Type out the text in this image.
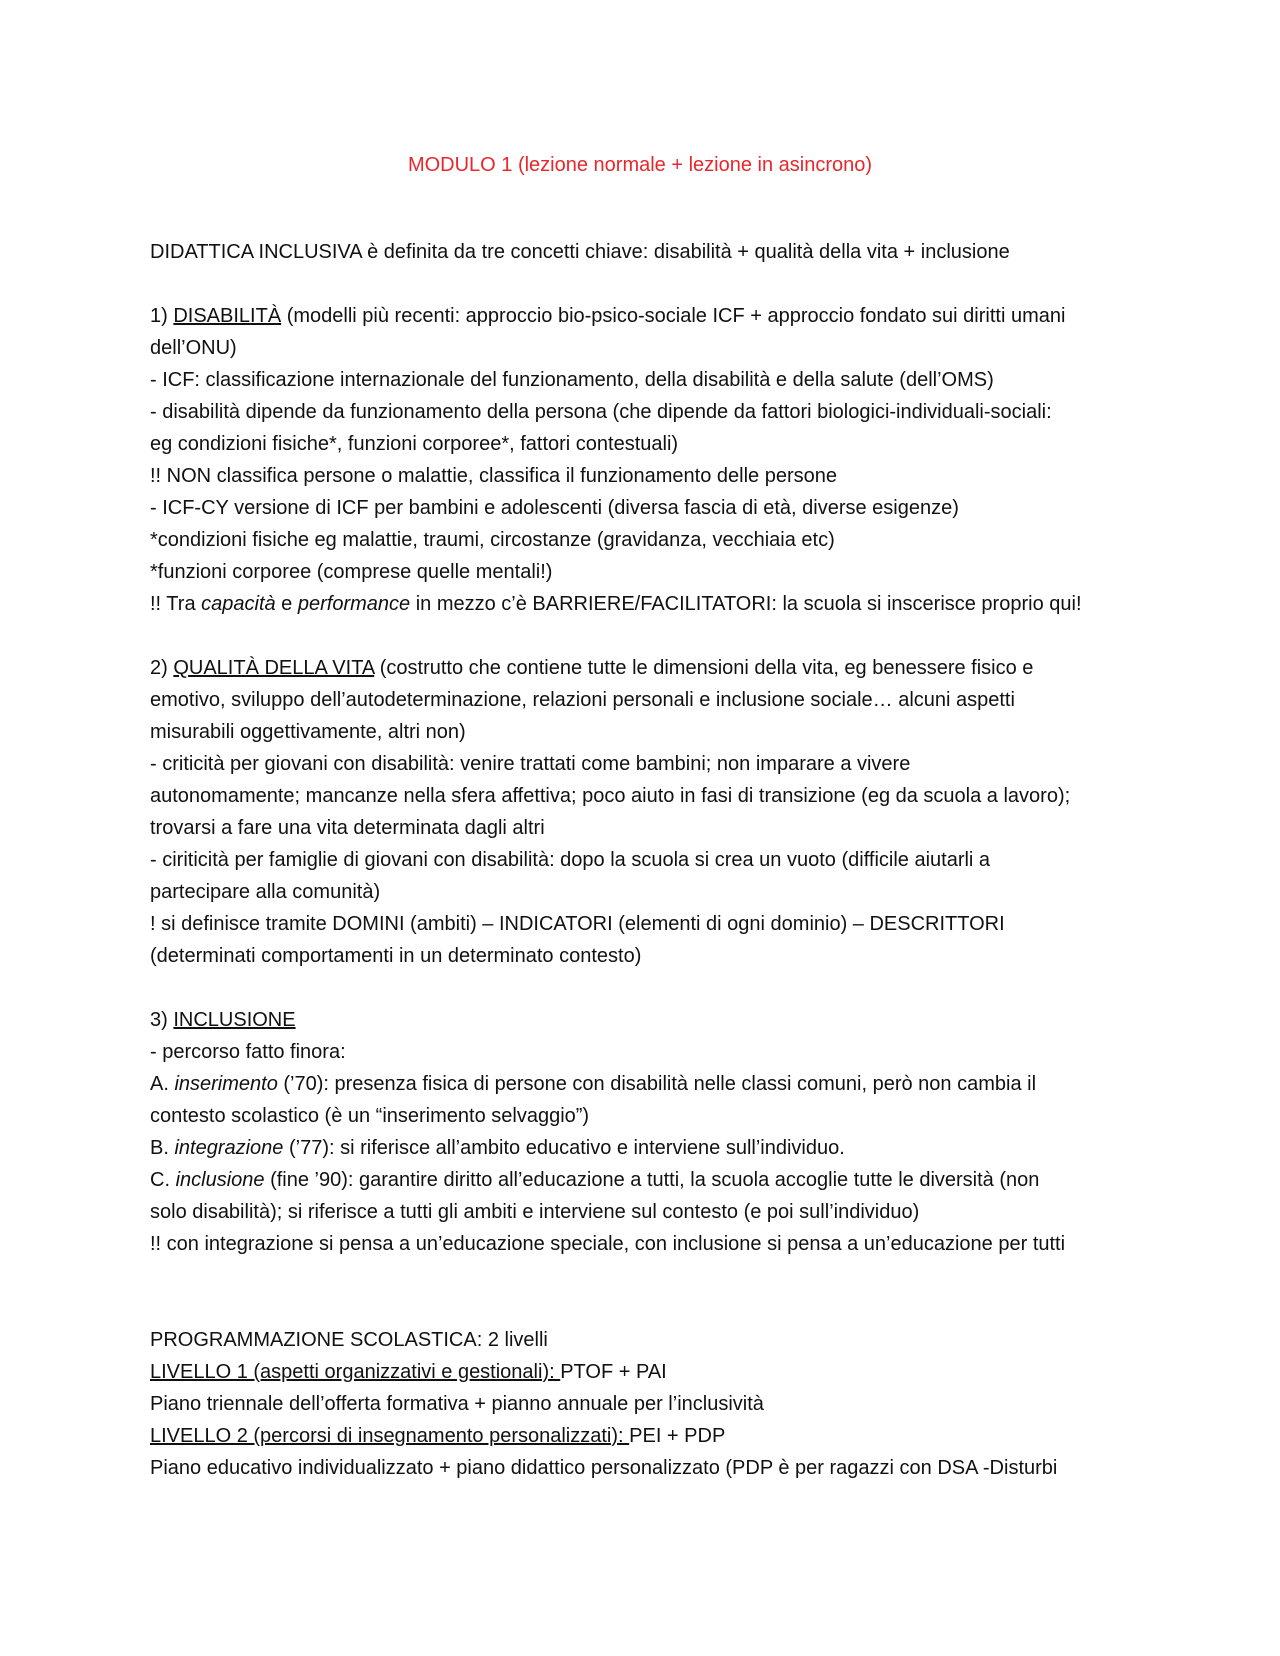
MODULO 1 (lezione normale + lezione in asincrono)
DIDATTICA INCLUSIVA è definita da tre concetti chiave: disabilità + qualità della vita + inclusione
1) DISABILITÀ (modelli più recenti: approccio bio-psico-sociale ICF + approccio fondato sui diritti umani
dell’ONU)
- ICF: classificazione internazionale del funzionamento, della disabilità e della salute (dell’OMS)
- disabilità dipende da funzionamento della persona (che dipende da fattori biologici-individuali-sociali:
eg condizioni fisiche*, funzioni corporee*, fattori contestuali)
!! NON classifica persone o malattie, classifica il funzionamento delle persone
- ICF-CY versione di ICF per bambini e adolescenti (diversa fascia di età, diverse esigenze)
*condizioni fisiche eg malattie, traumi, circostanze (gravidanza, vecchiaia etc)
*funzioni corporee (comprese quelle mentali!)
!! Tra capacità e performance in mezzo c’è BARRIERE/FACILITATORI: la scuola si inscerisce proprio qui!
2) QUALITÀ DELLA VITA (costrutto che contiene tutte le dimensioni della vita, eg benessere fisico e
emotivo, sviluppo dell’autodeterminazione, relazioni personali e inclusione sociale… alcuni aspetti
misurabili oggettivamente, altri non)
- criticità per giovani con disabilità: venire trattati come bambini; non imparare a vivere
autonomamente; mancanze nella sfera affettiva; poco aiuto in fasi di transizione (eg da scuola a lavoro);
trovarsi a fare una vita determinata dagli altri
- ciriticità per famiglie di giovani con disabilità: dopo la scuola si crea un vuoto (difficile aiutarli a
partecipare alla comunità)
! si definisce tramite DOMINI (ambiti) – INDICATORI (elementi di ogni dominio) – DESCRITTORI
(determinati comportamenti in un determinato contesto)
3) INCLUSIONE
- percorso fatto finora:
A. inserimento (’70): presenza fisica di persone con disabilità nelle classi comuni, però non cambia il
contesto scolastico (è un “inserimento selvaggio”)
B. integrazione (’77): si riferisce all’ambito educativo e interviene sull’individuo.
C. inclusione (fine ’90): garantire diritto all’educazione a tutti, la scuola accoglie tutte le diversità (non
solo disabilità); si riferisce a tutti gli ambiti e interviene sul contesto (e poi sull’individuo)
!! con integrazione si pensa a un’educazione speciale, con inclusione si pensa a un’educazione per tutti
PROGRAMMAZIONE SCOLASTICA: 2 livelli
LIVELLO 1 (aspetti organizzativi e gestionali): PTOF + PAI
Piano triennale dell’offerta formativa + pianno annuale per l’inclusività
LIVELLO 2 (percorsi di insegnamento personalizzati): PEI + PDP
Piano educativo individualizzato + piano didattico personalizzato (PDP è per ragazzi con DSA -Disturbi
